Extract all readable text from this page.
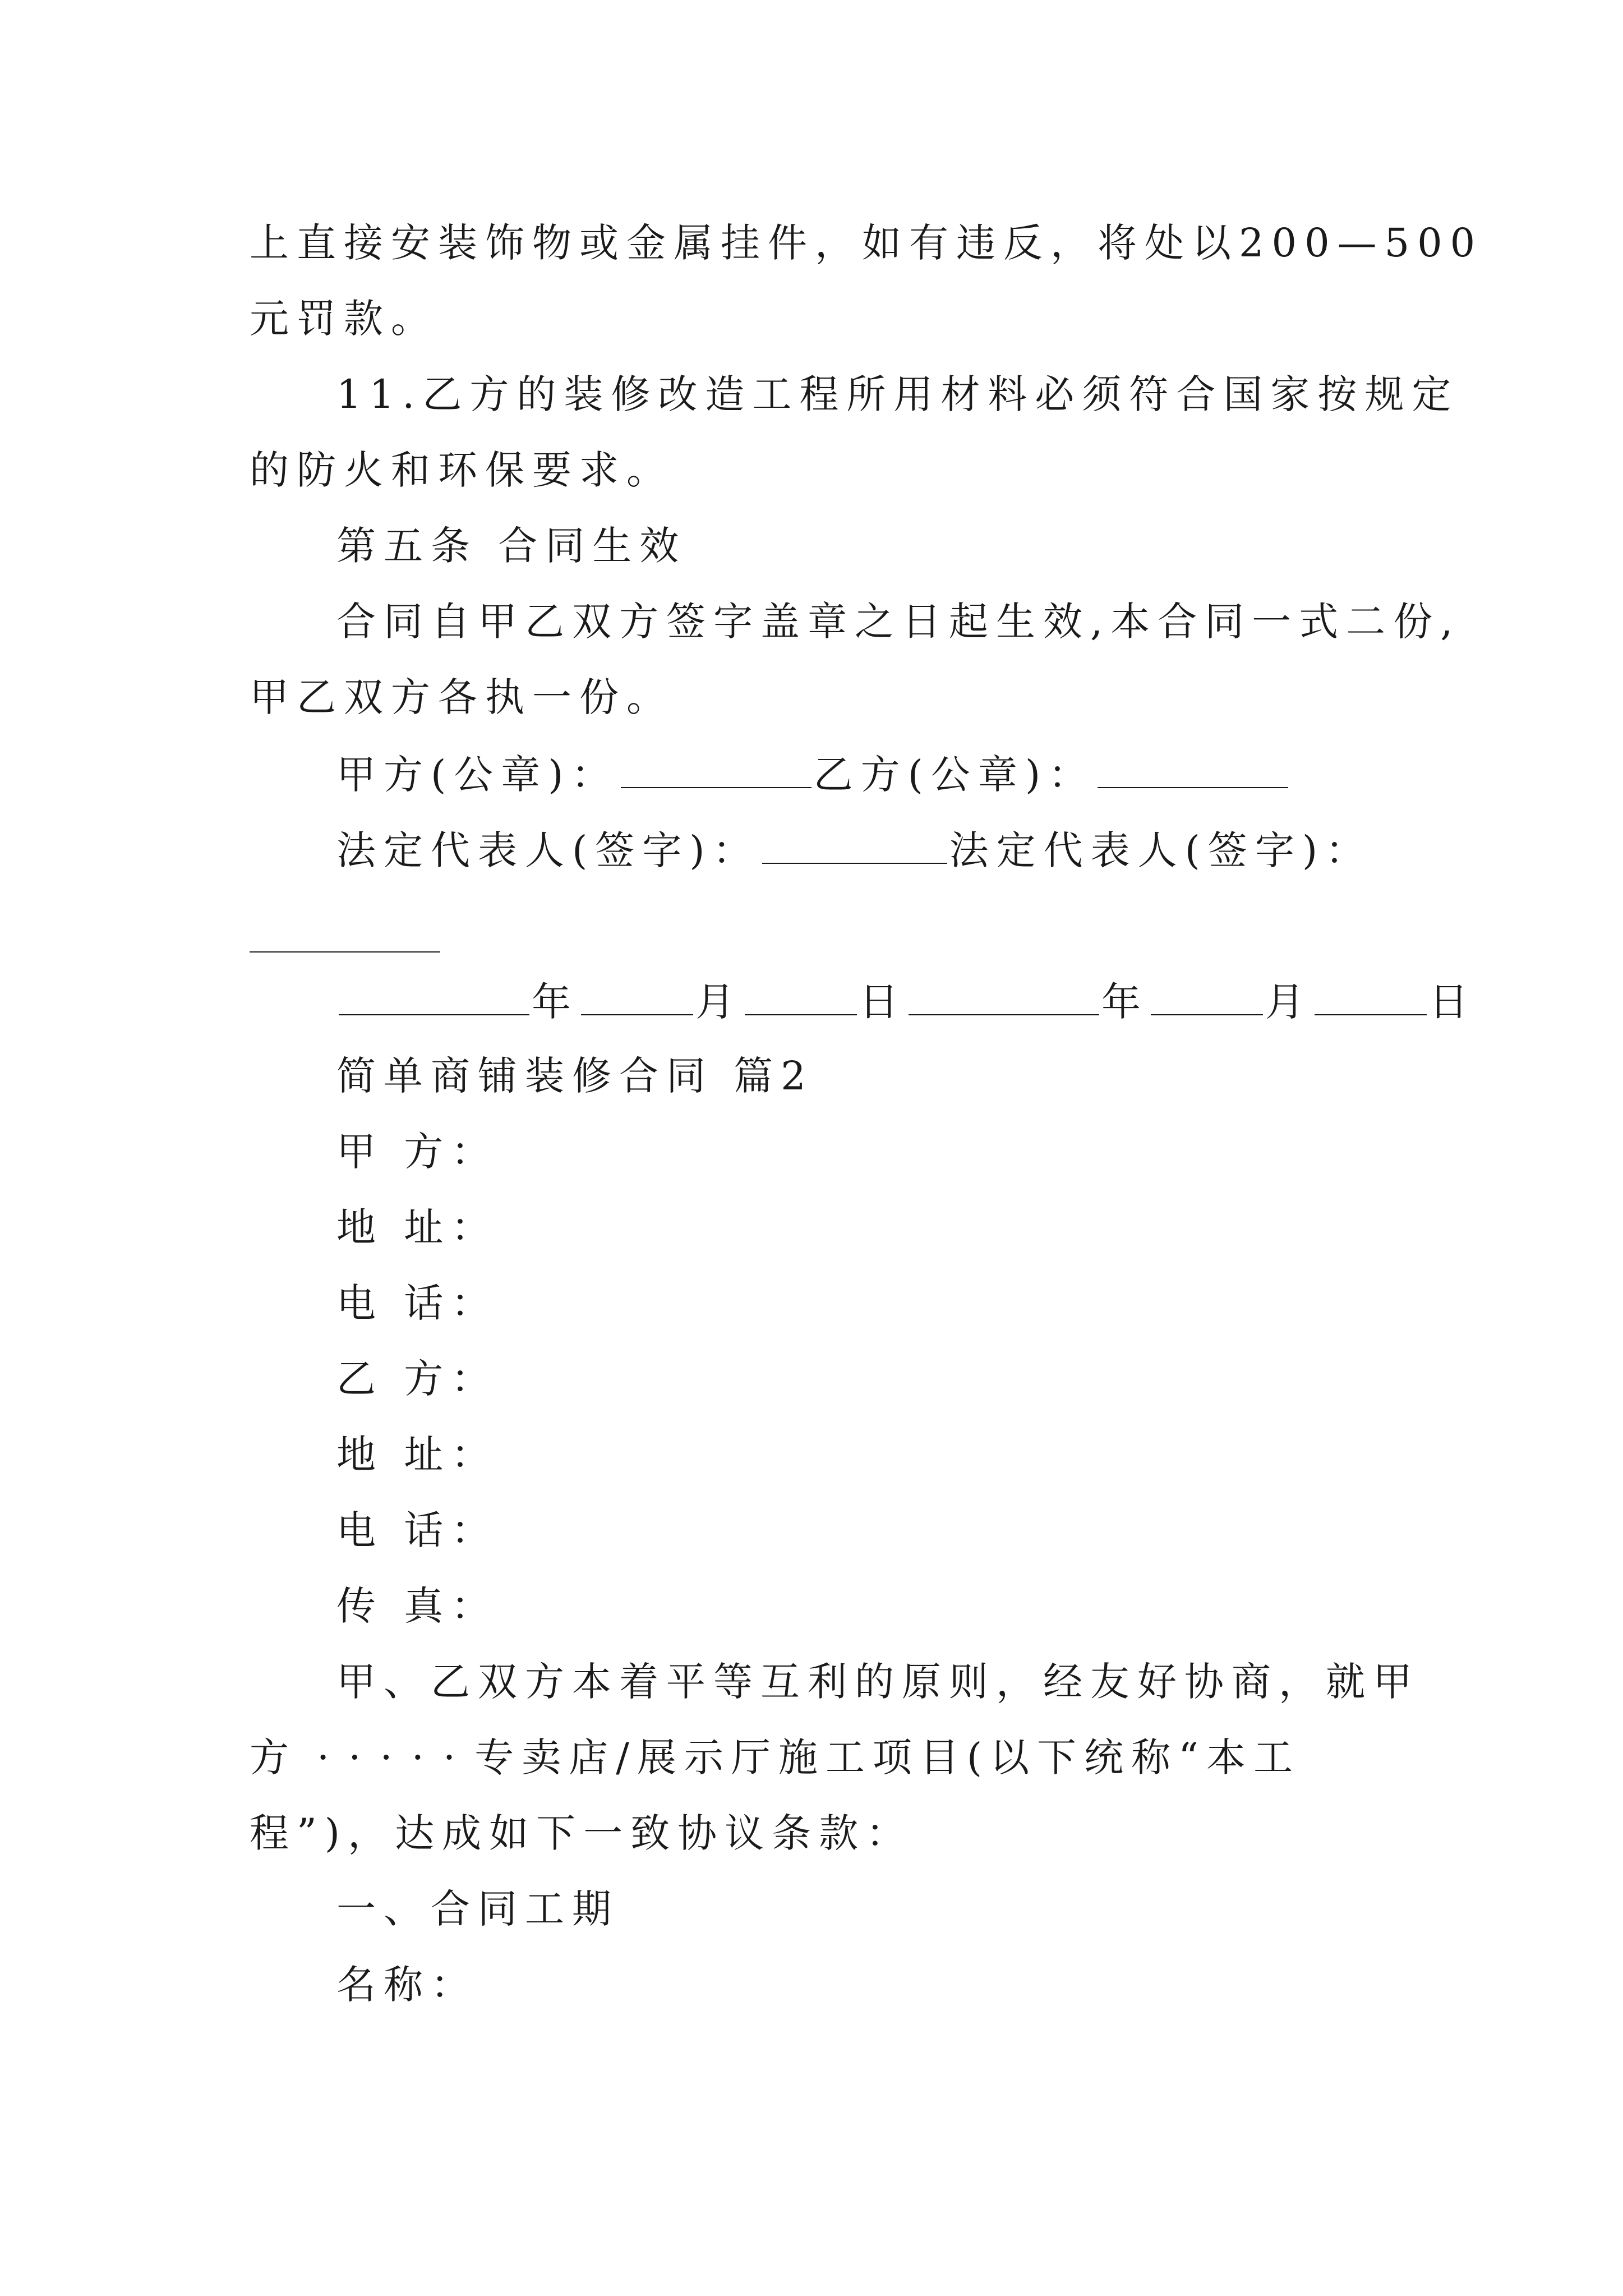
上直接安装饰物或金属挂件，如有违反，将处以200—500
元罚款。
11.乙方的装修改造工程所用材料必须符合国家按规定
的防火和环保要求。
第五条 合同生效
合同自甲乙双方签字盖章之日起生效,本合同一式二份,
甲乙双方各执一份。
甲方(公章)：	乙方(公章)：
法定代表人(签字)：	法定代表人(签字)：
年	月	日	年	月	日
简单商铺装修合同 篇2
甲 方：
地 址：
电 话：
乙 方：
地 址：
电 话：
传 真：
甲、乙双方本着平等互利的原则，经友好协商，就甲
方 ·····专卖店/展示厅施工项目(以下统称“本工
程”)，达成如下一致协议条款：
一、合同工期
名称：
